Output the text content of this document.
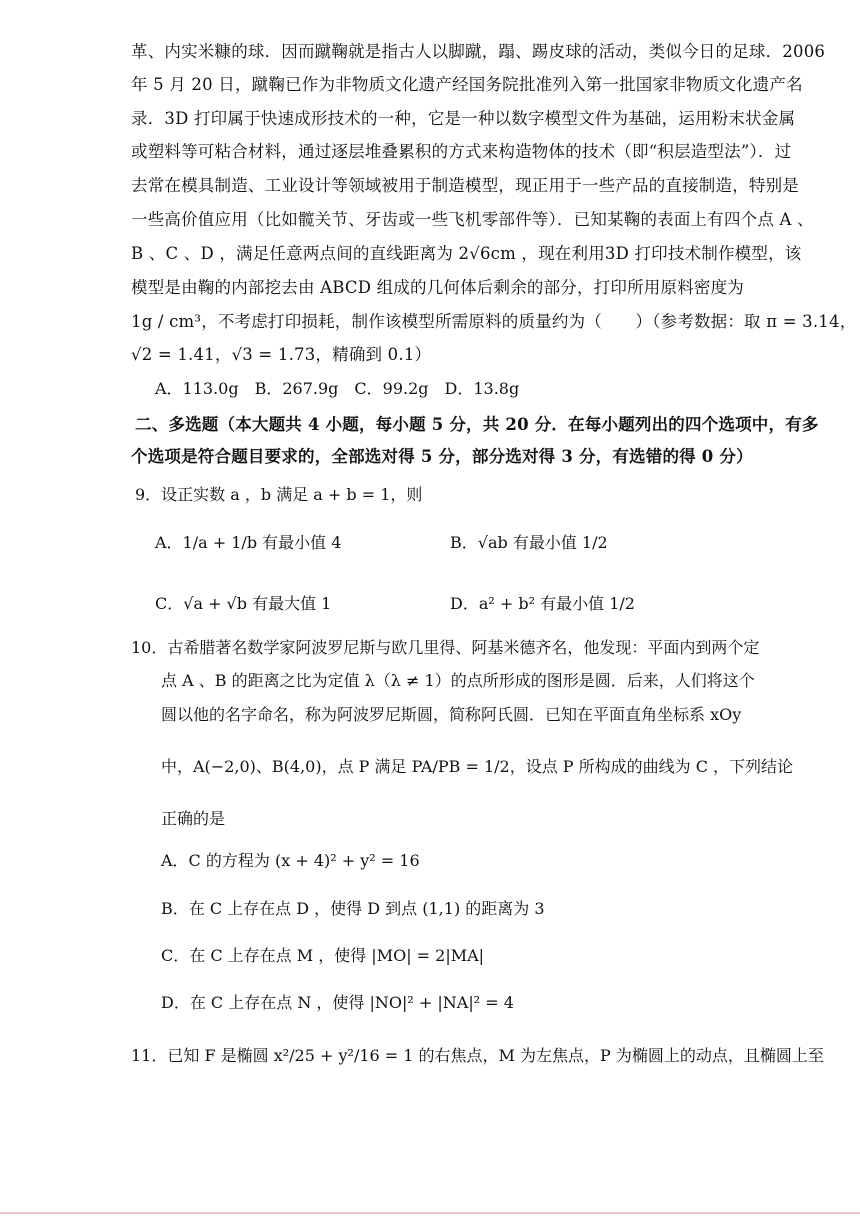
革、内实米糠的球．因而蹴鞠就是指古人以脚蹴，蹋、踢皮球的活动，类似今日的足球．2006
年 5 月 20 日，蹴鞠已作为非物质文化遗产经国务院批准列入第一批国家非物质文化遗产名
录．3D 打印属于快速成形技术的一种，它是一种以数字模型文件为基础，运用粉末状金属
或塑料等可粘合材料，通过逐层堆叠累积的方式来构造物体的技术（即“积层造型法”）．过
去常在模具制造、工业设计等领域被用于制造模型，现正用于一些产品的直接制造，特别是
一些高价值应用（比如髋关节、牙齿或一些飞机零部件等）．已知某鞠的表面上有四个点 A 、
B 、C 、D ，满足任意两点间的直线距离为 2√6cm ，现在利用3D 打印技术制作模型，该
模型是由鞠的内部挖去由 ABCD 组成的几何体后剩余的部分，打印所用原料密度为
1g / cm³，不考虑打印损耗，制作该模型所需原料的质量约为（　　）（参考数据：取 π = 3.14，
√2 = 1.41，√3 = 1.73，精确到 0.1）
A．113.0g　B．267.9g　C．99.2g　D．13.8g
二、多选题（本大题共 4 小题，每小题 5 分，共 20 分．在每小题列出的四个选项中，有多
个选项是符合题目要求的，全部选对得 5 分，部分选对得 3 分，有选错的得 0 分）
9．设正实数 a ，b 满足 a + b = 1，则
A．1/a + 1/b 有最小值 4	B．√ab 有最小值 1/2
C．√a + √b 有最大值 1	D．a² + b² 有最小值 1/2
10．古希腊著名数学家阿波罗尼斯与欧几里得、阿基米德齐名，他发现：平面内到两个定
点 A 、B 的距离之比为定值 λ（λ ≠ 1）的点所形成的图形是圆．后来，人们将这个
圆以他的名字命名，称为阿波罗尼斯圆，简称阿氏圆．已知在平面直角坐标系 xOy
中，A(−2,0)、B(4,0)，点 P 满足 PA/PB = 1/2，设点 P 所构成的曲线为 C ，下列结论
正确的是
A．C 的方程为 (x + 4)² + y² = 16
B．在 C 上存在点 D ，使得 D 到点 (1,1) 的距离为 3
C．在 C 上存在点 M ，使得 |MO| = 2|MA|
D．在 C 上存在点 N ，使得 |NO|² + |NA|² = 4
11．已知 F 是椭圆 x²/25 + y²/16 = 1 的右焦点，M 为左焦点，P 为椭圆上的动点，且椭圆上至
